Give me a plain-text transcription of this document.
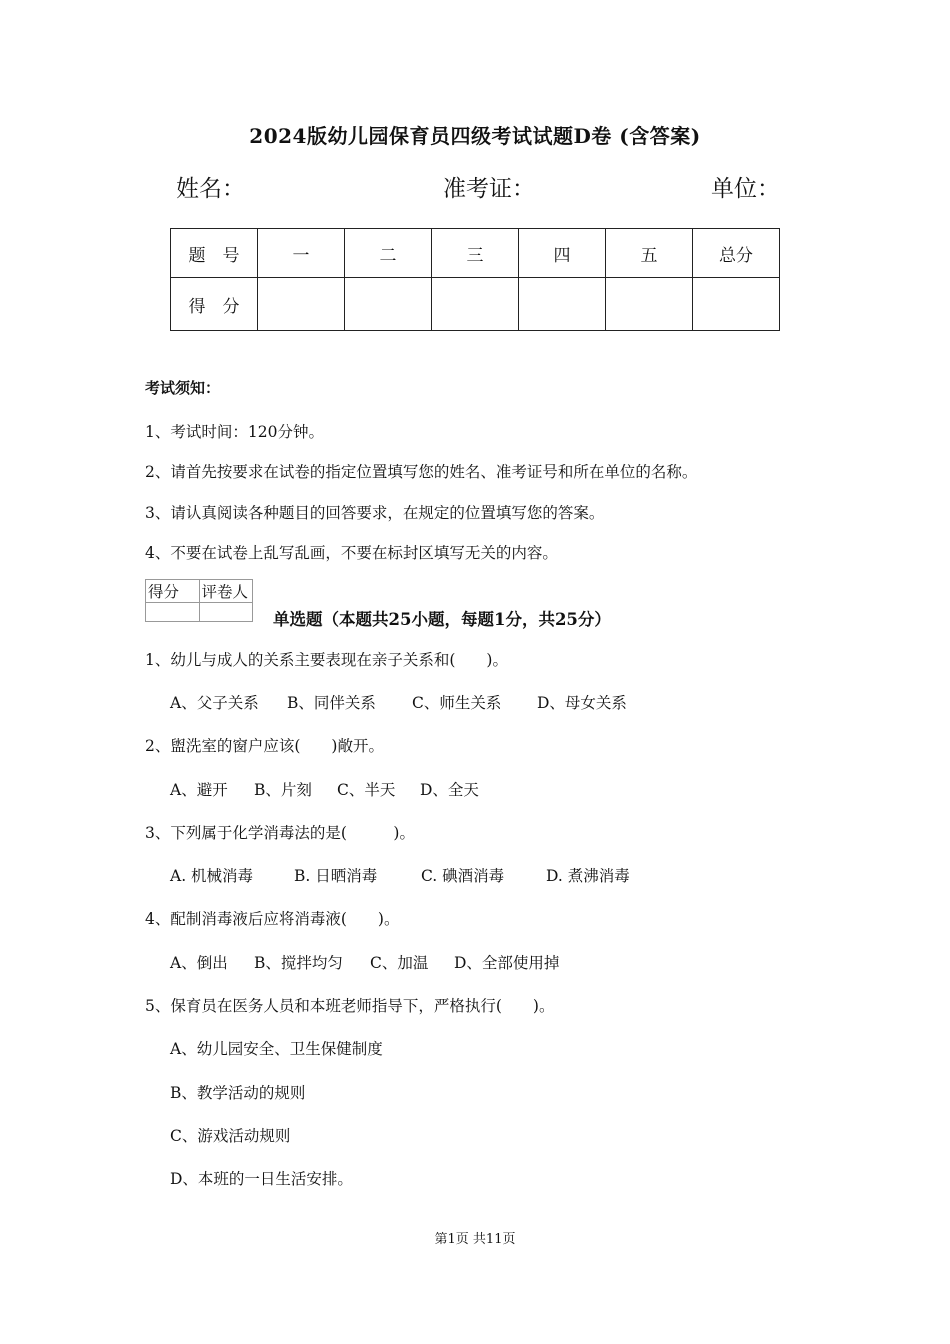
2024版幼儿园保育员四级考试试题D卷 (含答案)
姓名：	准考证：	单位：
题　号	一	二	三	四	五	总分
得　分						
考试须知：
1、考试时间：120分钟。
2、请首先按要求在试卷的指定位置填写您的姓名、准考证号和所在单位的名称。
3、请认真阅读各种题目的回答要求，在规定的位置填写您的答案。
4、不要在试卷上乱写乱画，不要在标封区填写无关的内容。
得分	评卷人

单选题（本题共25小题，每题1分，共25分）
1、幼儿与成人的关系主要表现在亲子关系和(　　)。
A、父子关系 B、同伴关系 C、师生关系 D、母女关系
2、盥洗室的窗户应该(　　)敞开。
A、避开 B、片刻 C、半天 D、全天
3、下列属于化学消毒法的是(　　　)。
A. 机械消毒	B. 日晒消毒	C. 碘酒消毒	D. 煮沸消毒
4、配制消毒液后应将消毒液(　　)。
A、倒出 B、搅拌均匀 C、加温 D、全部使用掉
5、保育员在医务人员和本班老师指导下，严格执行(　　)。
A、幼儿园安全、卫生保健制度
B、教学活动的规则
C、游戏活动规则
D、本班的一日生活安排。
第1页 共11页
